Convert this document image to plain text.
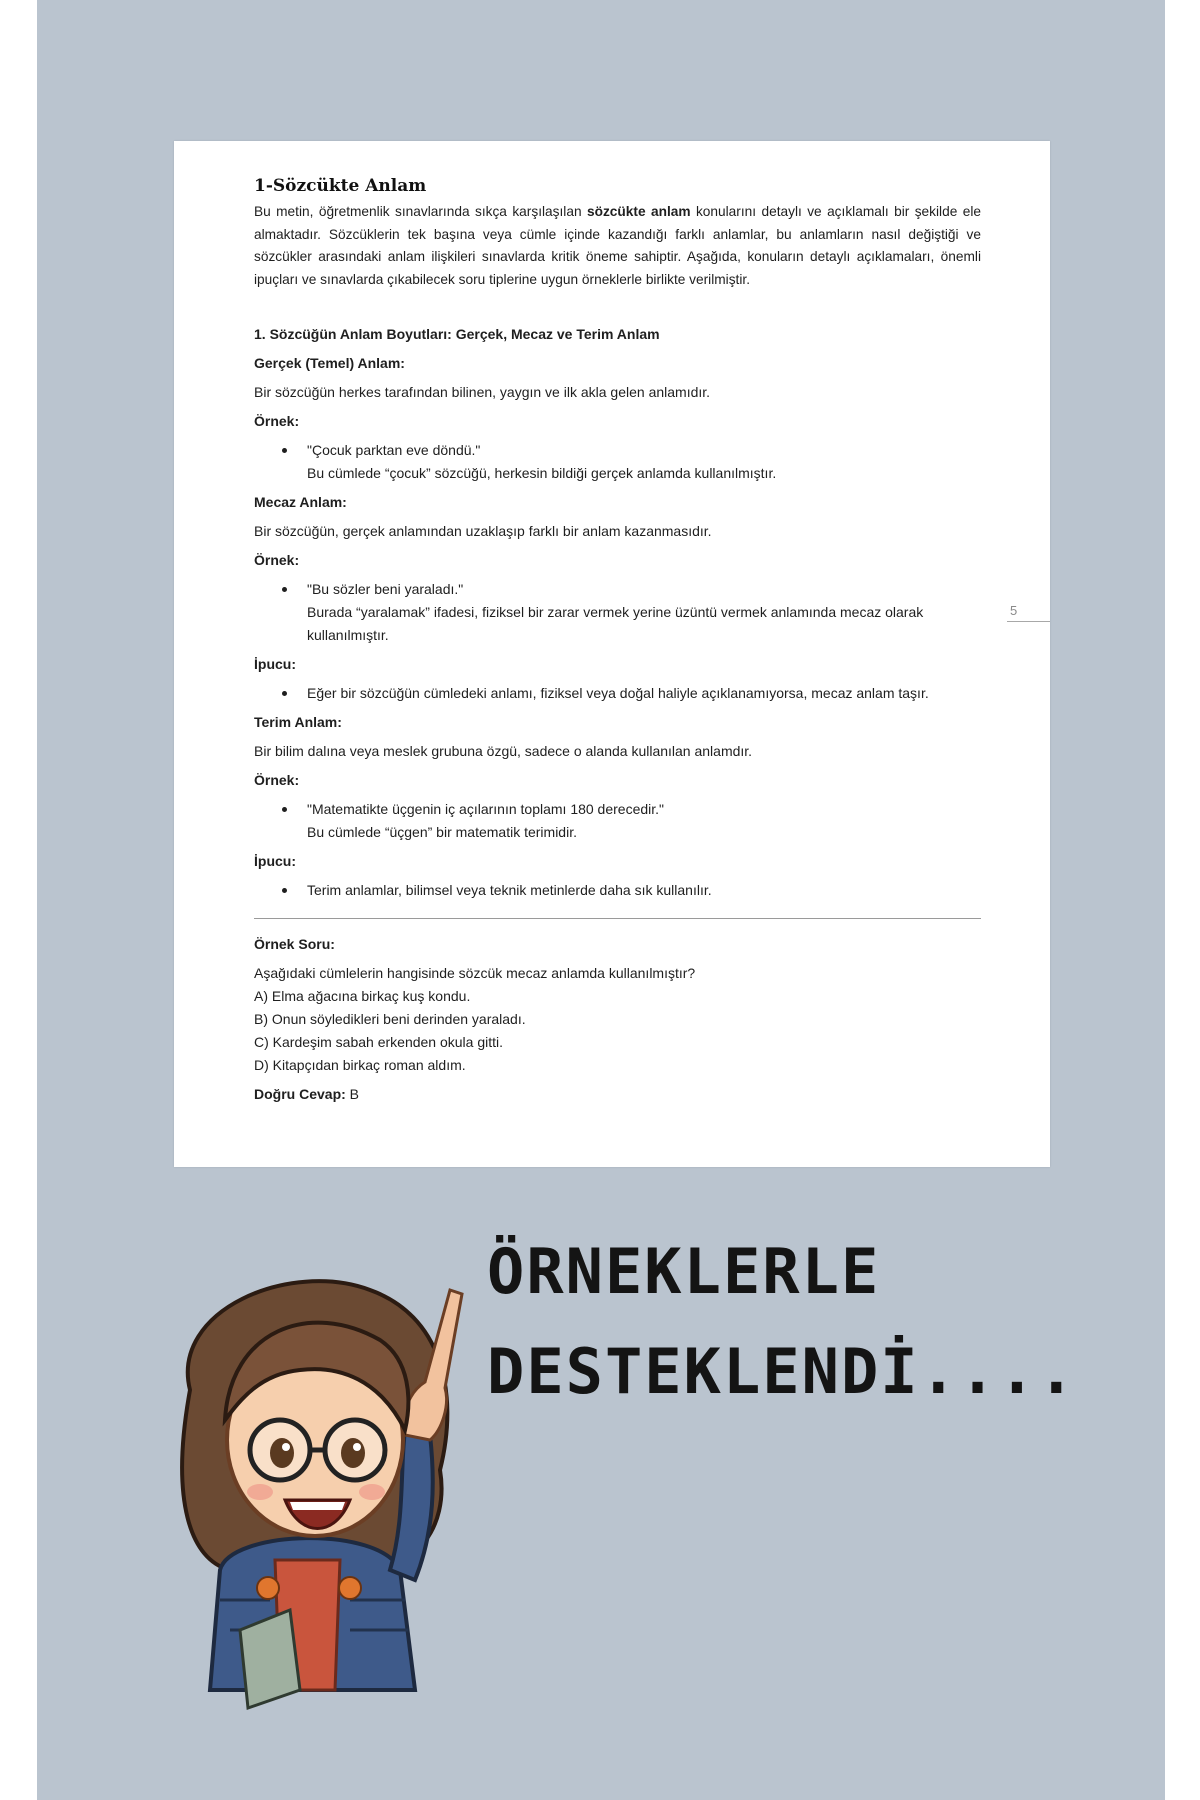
1-Sözcükte Anlam

Bu metin, öğretmenlik sınavlarında sıkça karşılaşılan sözcükte anlam konularını detaylı ve açıklamalı bir şekilde ele almaktadır. Sözcüklerin tek başına veya cümle içinde kazandığı farklı anlamlar, bu anlamların nasıl değiştiği ve sözcükler arasındaki anlam ilişkileri sınavlarda kritik öneme sahiptir. Aşağıda, konuların detaylı açıklamaları, önemli ipuçları ve sınavlarda çıkabilecek soru tiplerine uygun örneklerle birlikte verilmiştir.

1. Sözcüğün Anlam Boyutları: Gerçek, Mecaz ve Terim Anlam
Gerçek (Temel) Anlam:
Bir sözcüğün herkes tarafından bilinen, yaygın ve ilk akla gelen anlamıdır.
Örnek:
"Çocuk parktan eve döndü."
Bu cümlede “çocuk” sözcüğü, herkesin bildiği gerçek anlamda kullanılmıştır.
Mecaz Anlam:
Bir sözcüğün, gerçek anlamından uzaklaşıp farklı bir anlam kazanmasıdır.
Örnek:
"Bu sözler beni yaraladı."
Burada “yaralamak” ifadesi, fiziksel bir zarar vermek yerine üzüntü vermek anlamında mecaz olarak kullanılmıştır.
İpucu:
Eğer bir sözcüğün cümledeki anlamı, fiziksel veya doğal haliyle açıklanamıyorsa, mecaz anlam taşır.
Terim Anlam:
Bir bilim dalına veya meslek grubuna özgü, sadece o alanda kullanılan anlamdır.
Örnek:
"Matematikte üçgenin iç açılarının toplamı 180 derecedir."
Bu cümlede “üçgen” bir matematik terimidir.
İpucu:
Terim anlamlar, bilimsel veya teknik metinlerde daha sık kullanılır.
Örnek Soru:
Aşağıdaki cümlelerin hangisinde sözcük mecaz anlamda kullanılmıştır?
A) Elma ağacına birkaç kuş kondu.
B) Onun söyledikleri beni derinden yaraladı.
C) Kardeşim sabah erkenden okula gitti.
D) Kitapçıdan birkaç roman aldım.
Doğru Cevap: B
5
ÖRNEKLERLE
DESTEKLENDİ....
